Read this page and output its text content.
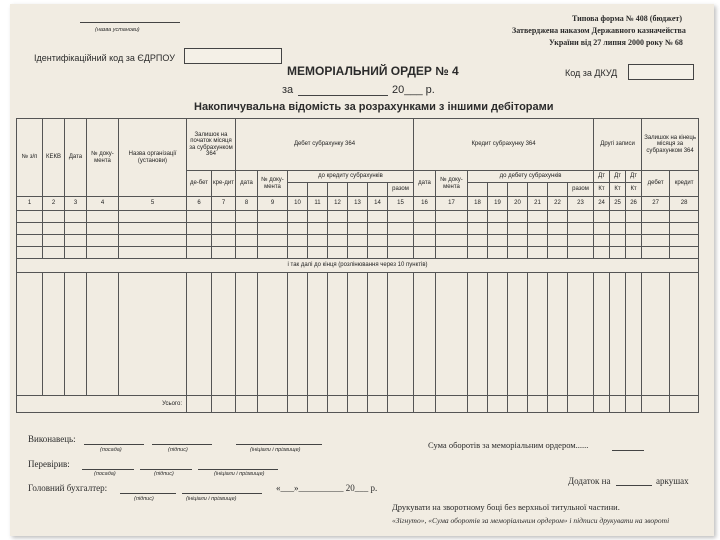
(назва установи)
Типова форма № 408 (бюджет)
Затверджена наказом Державного казначейства
України від 27 липня 2000 року № 68
Ідентифікаційний код за ЄДРПОУ
Код за ДКУД
МЕМОРІАЛЬНИЙ ОРДЕР № 4
за	20___ р.
Накопичувальна відомість за розрахунками з іншими дебіторами
№ з/п	КЕКВ	Дата	№ доку-мента	Назва організації (установи)	Залишок на початок місяця за субрахунком 364		Дебет субрахунку 364								Кредит субрахунку 364								Другі записи			Залишок на кінець місяця за субрахунком 364	
					де-бет	кре-дит	дата	№ доку-мента	до кредиту субрахунків						дата	№ доку-мента	до дебету субрахунків						Дт	Дт	Дт	дебет	кредит
														разом								разом	Кт	Кт	Кт		
1	2	3	4	5	6	7	8	9	10	11	12	13	14	15	16	17	18	19	20	21	22	23	24	25	26	27	28

і так далі до кінця (розлінювання через 10 пунктів)																											

Усього:																											
Виконавець:
(посада)	(підпис)	(ініціали і прізвище)	Сума оборотів за меморіальним ордером......
Перевірив:
(посада)	(підпис)	(ініціали і прізвище)
Додаток на	аркушах
Головний бухгалтер:
(підпис)	(ініціали і прізвище)
«___»__________ 20___ р.
Друкувати на зворотному боці без верхньої титульної частини.
«Зігнуто», «Сума оборотів за меморіальним ордером» і підписи друкувати на звороті
